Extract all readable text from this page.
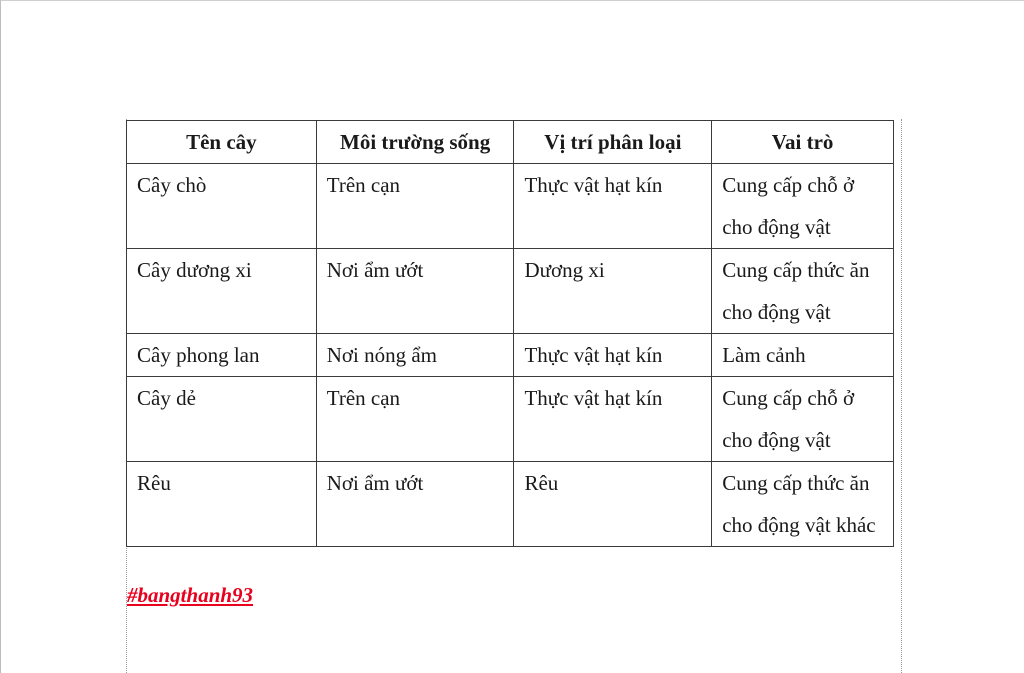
Tên cây	Môi trường sống	Vị trí phân loại	Vai trò
Cây chò	Trên cạn	Thực vật hạt kín	Cung cấp chỗ ở cho động vật
Cây dương xi	Nơi ẩm ướt	Dương xi	Cung cấp thức ăn cho động vật
Cây phong lan	Nơi nóng ẩm	Thực vật hạt kín	Làm cảnh
Cây dẻ	Trên cạn	Thực vật hạt kín	Cung cấp chỗ ở cho động vật
Rêu	Nơi ẩm ướt	Rêu	Cung cấp thức ăn cho động vật khác
#bangthanh93
